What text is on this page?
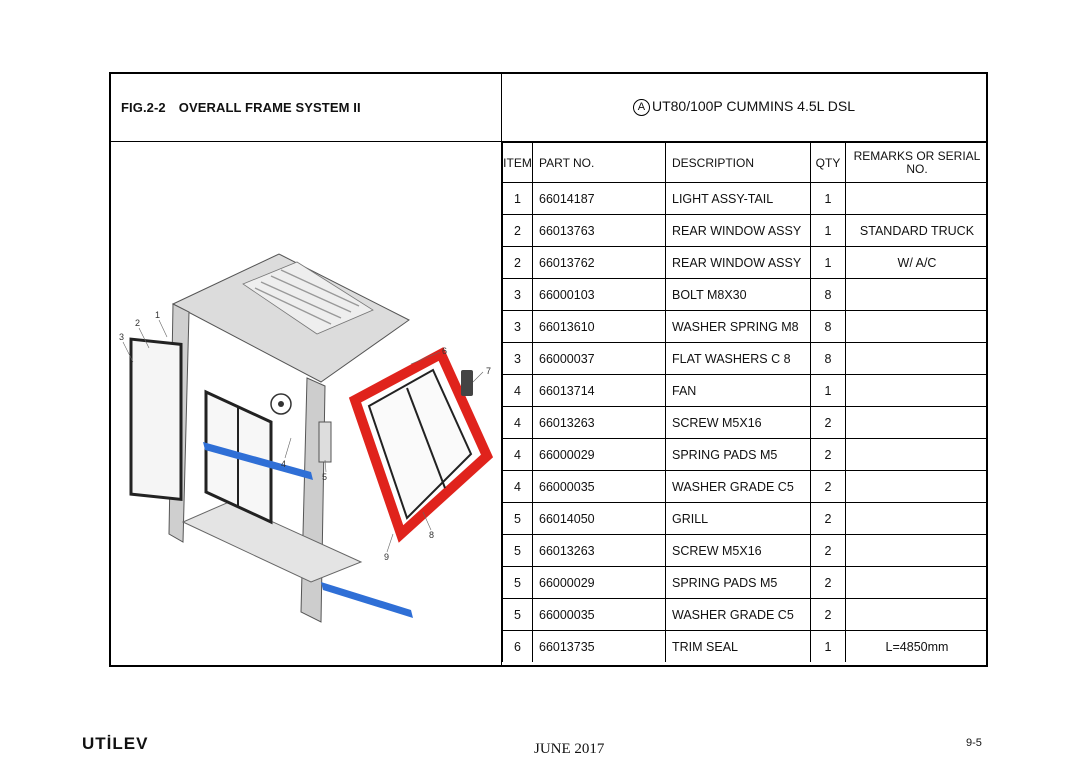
FIG.2-2 OVERALL FRAME SYSTEM II	A UT80/100P CUMMINS 4.5L DSL
1
2
3
4
5
6
7
8
9
ITEM	PART NO.	DESCRIPTION	QTY	REMARKS OR SERIAL NO.
1	66014187	LIGHT ASSY-TAIL	1	
2	66013763	REAR WINDOW ASSY	1	STANDARD TRUCK
2	66013762	REAR WINDOW ASSY	1	W/ A/C
3	66000103	BOLT M8X30	8	
3	66013610	WASHER SPRING M8	8	
3	66000037	FLAT WASHERS C 8	8	
4	66013714	FAN	1	
4	66013263	SCREW M5X16	2	
4	66000029	SPRING PADS M5	2	
4	66000035	WASHER GRADE C5	2	
5	66014050	GRILL	2	
5	66013263	SCREW M5X16	2	
5	66000029	SPRING PADS M5	2	
5	66000035	WASHER GRADE C5	2	
6	66013735	TRIM SEAL	1	L=4850mm
UTİLEV	JUNE 2017	9-5
